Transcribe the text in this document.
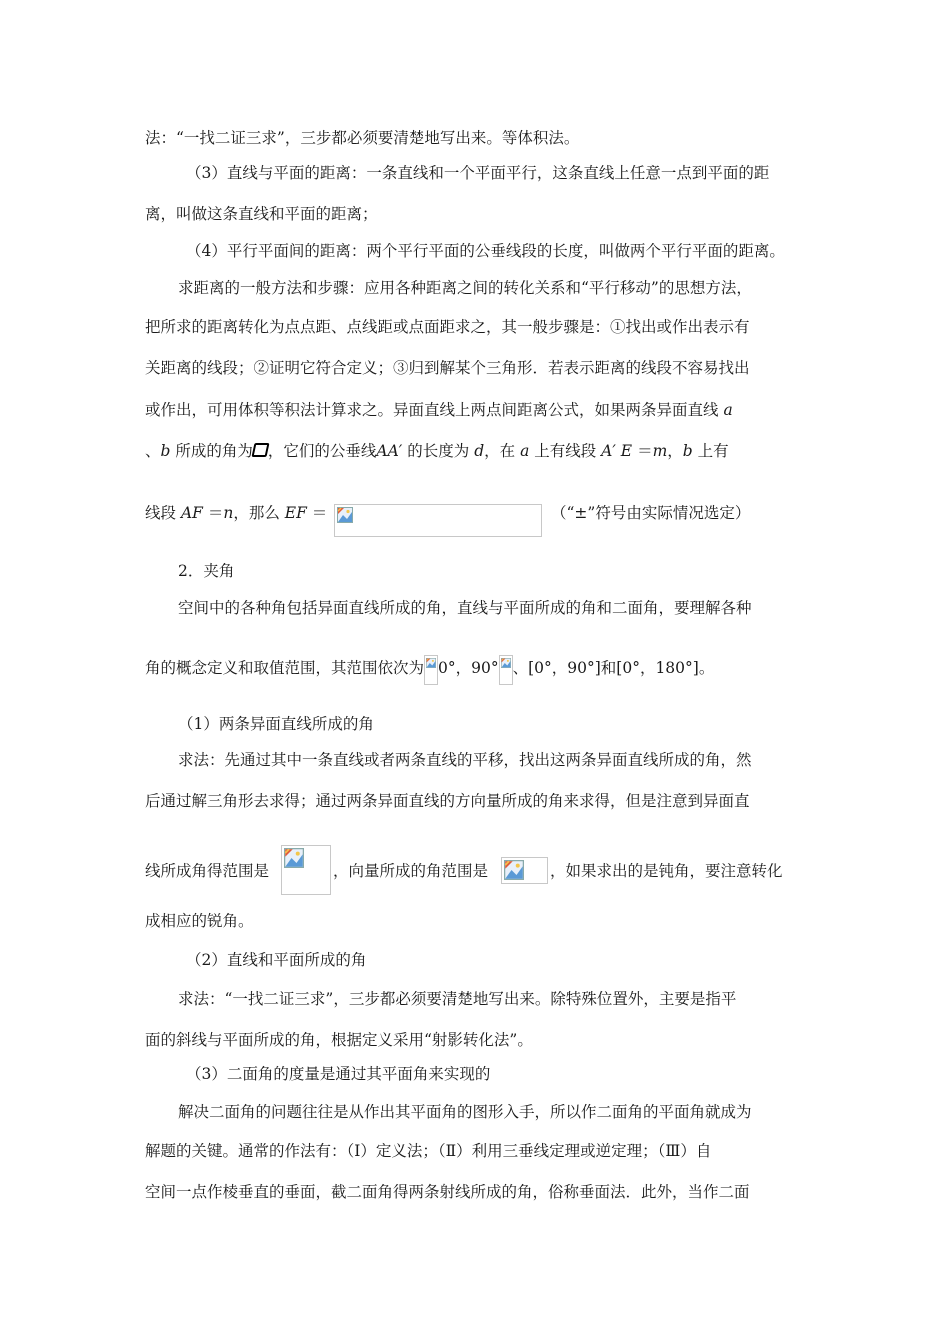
法：“一找二证三求”，三步都必须要清楚地写出来。等体积法。
（3）直线与平面的距离：一条直线和一个平面平行，这条直线上任意一点到平面的距
离，叫做这条直线和平面的距离；
（4）平行平面间的距离：两个平行平面的公垂线段的长度，叫做两个平行平面的距离。
求距离的一般方法和步骤：应用各种距离之间的转化关系和“平行移动”的思想方法，
把所求的距离转化为点点距、点线距或点面距求之，其一般步骤是：①找出或作出表示有
关距离的线段；②证明它符合定义；③归到解某个三角形．若表示距离的线段不容易找出
或作出，可用体积等积法计算求之。异面直线上两点间距离公式，如果两条异面直线 a
、b 所成的角为 ，它们的公垂线AA′ 的长度为 d，在 a 上有线段 A′ E ＝m，b 上有
线段 AF ＝n，那么 EF ＝	（“±”符号由实际情况选定）
2．夹角
空间中的各种角包括异面直线所成的角，直线与平面所成的角和二面角，要理解各种
角的概念定义和取值范围，其范围依次为 0°，90° 、[0°，90°]和[0°，180°]。
（1）两条异面直线所成的角
求法：先通过其中一条直线或者两条直线的平移，找出这两条异面直线所成的角，然
后通过解三角形去求得；通过两条异面直线的方向量所成的角来求得，但是注意到异面直
线所成角得范围是	，向量所成的角范围是	，如果求出的是钝角，要注意转化
成相应的锐角。
（2）直线和平面所成的角
求法：“一找二证三求”，三步都必须要清楚地写出来。除特殊位置外，主要是指平
面的斜线与平面所成的角，根据定义采用“射影转化法”。
（3）二面角的度量是通过其平面角来实现的
解决二面角的问题往往是从作出其平面角的图形入手，所以作二面角的平面角就成为
解题的关键。通常的作法有：（Ⅰ）定义法；（Ⅱ）利用三垂线定理或逆定理；（Ⅲ）自
空间一点作棱垂直的垂面，截二面角得两条射线所成的角，俗称垂面法．此外，当作二面
